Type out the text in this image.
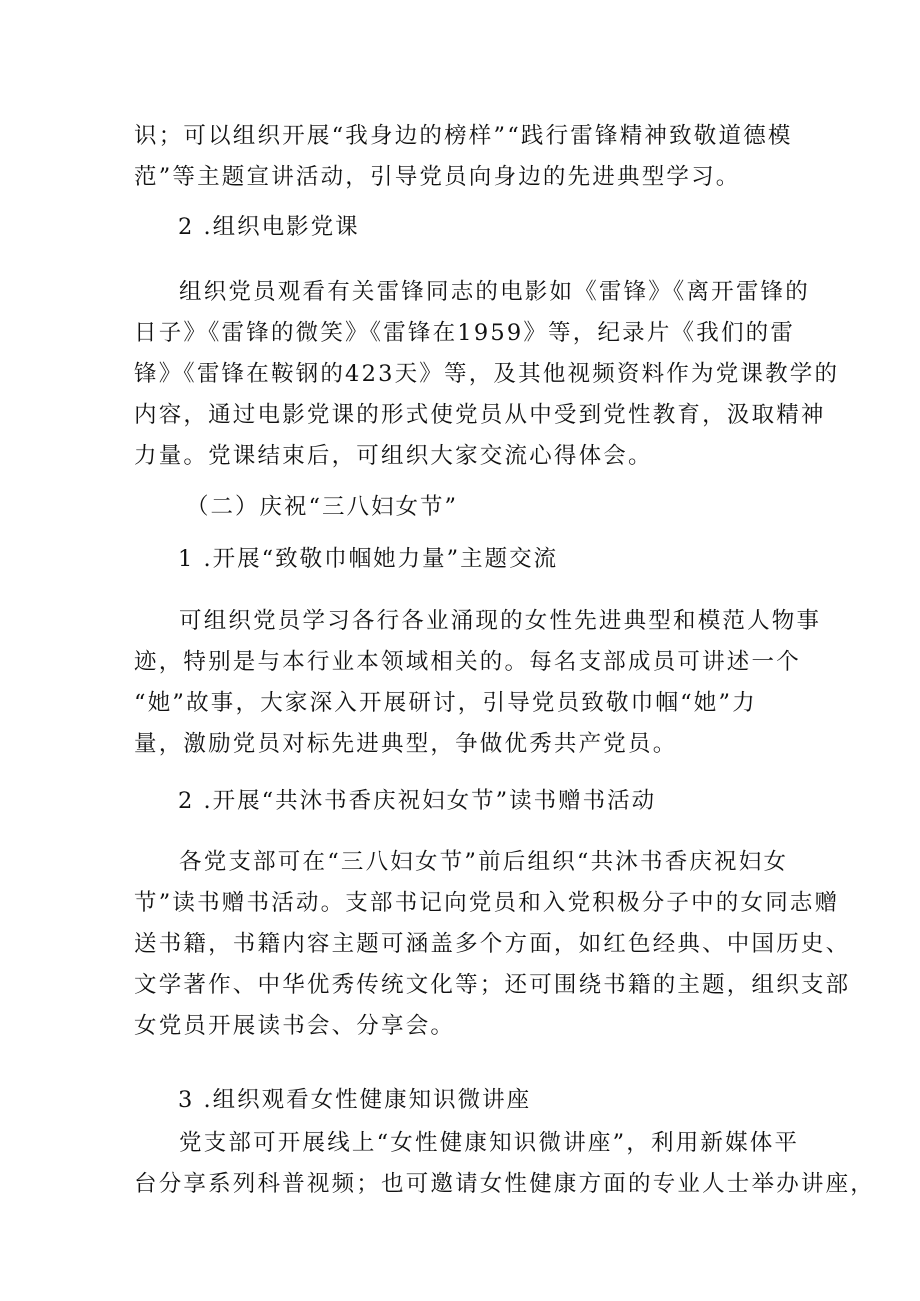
识；可以组织开展“我身边的榜样”“践行雷锋精神致敬道德模
范”等主题宣讲活动，引导党员向身边的先进典型学习。

2 .组织电影党课

组织党员观看有关雷锋同志的电影如《雷锋》《离开雷锋的
日子》《雷锋的微笑》《雷锋在1959》等，纪录片《我们的雷
锋》《雷锋在鞍钢的423天》等，及其他视频资料作为党课教学的
内容，通过电影党课的形式使党员从中受到党性教育，汲取精神
力量。党课结束后，可组织大家交流心得体会。

（二）庆祝“三八妇女节”

1 .开展“致敬巾帼她力量”主题交流

可组织党员学习各行各业涌现的女性先进典型和模范人物事
迹，特别是与本行业本领域相关的。每名支部成员可讲述一个
“她”故事，大家深入开展研讨，引导党员致敬巾帼“她”力
量，激励党员对标先进典型，争做优秀共产党员。

2 .开展“共沐书香庆祝妇女节”读书赠书活动

各党支部可在“三八妇女节”前后组织“共沐书香庆祝妇女
节”读书赠书活动。支部书记向党员和入党积极分子中的女同志赠
送书籍，书籍内容主题可涵盖多个方面，如红色经典、中国历史、
文学著作、中华优秀传统文化等；还可围绕书籍的主题，组织支部
女党员开展读书会、分享会。

3 .组织观看女性健康知识微讲座

党支部可开展线上“女性健康知识微讲座”，利用新媒体平
台分享系列科普视频；也可邀请女性健康方面的专业人士举办讲座，
